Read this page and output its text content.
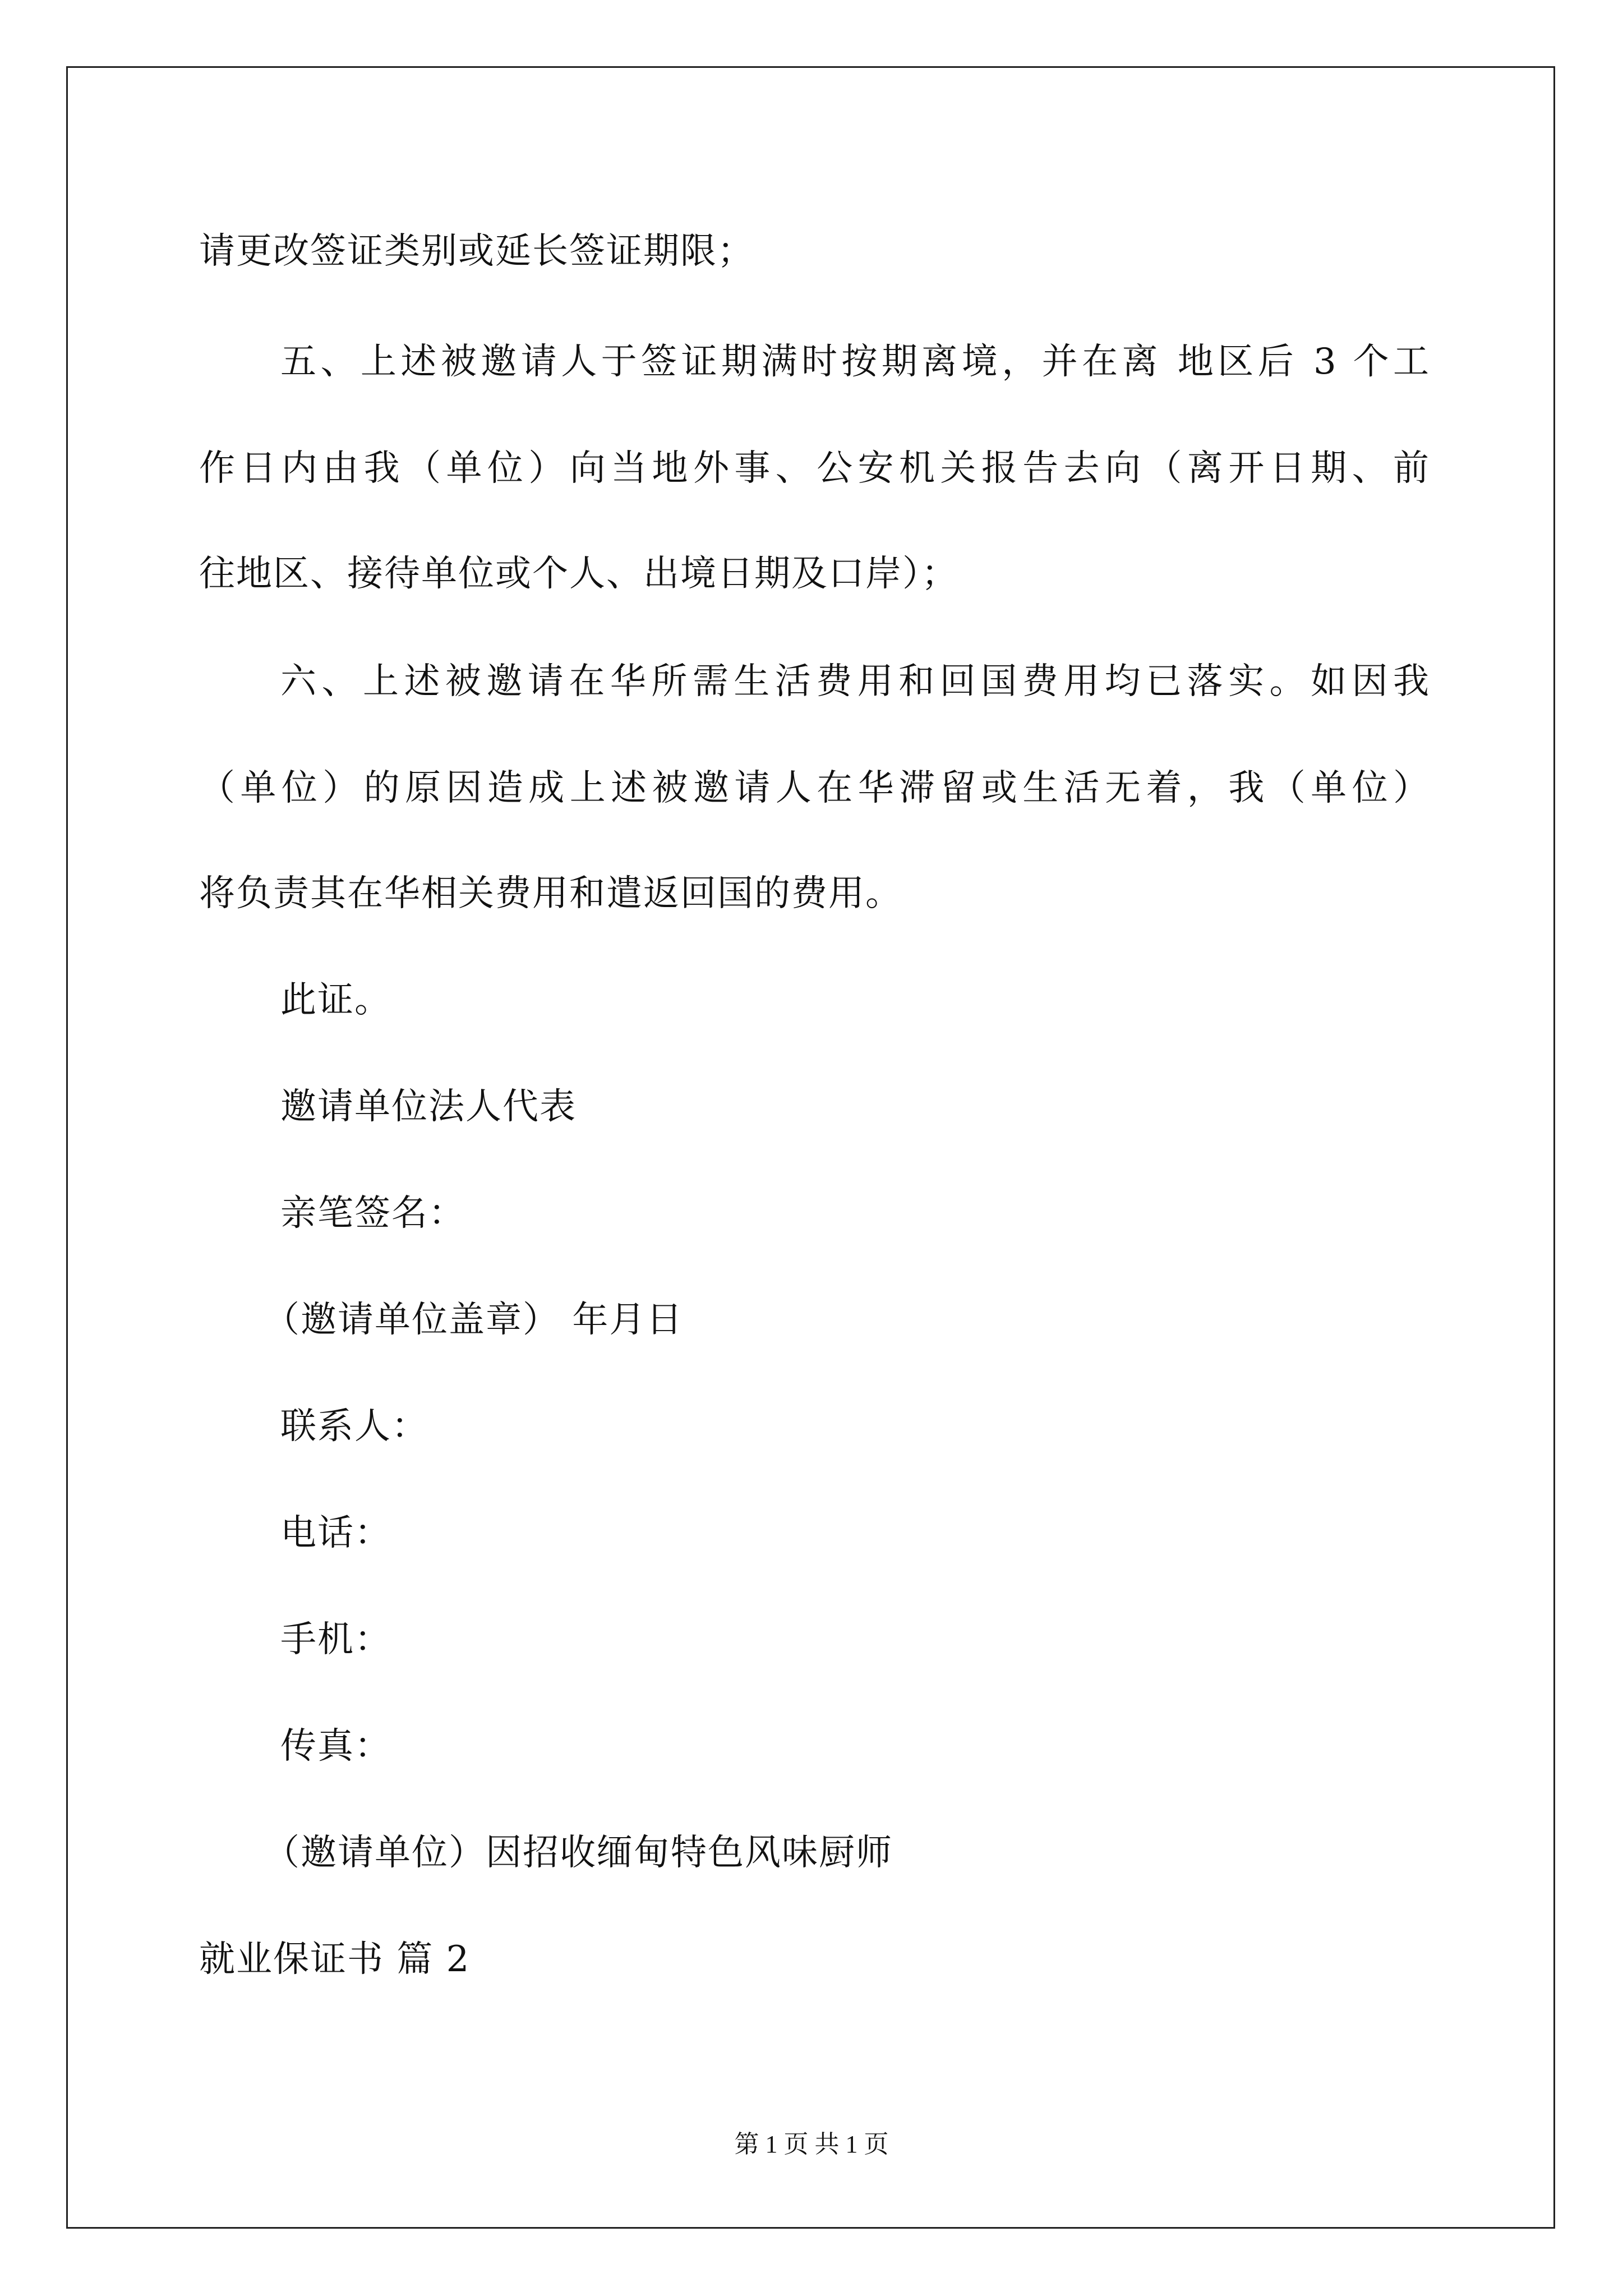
请更改签证类别或延长签证期限；
五、上述被邀请人于签证期满时按期离境，并在离 地区后 3 个工
作日内由我（单位）向当地外事、公安机关报告去向（离开日期、前
往地区、接待单位或个人、出境日期及口岸）；
六、上述被邀请在华所需生活费用和回国费用均已落实。如因我
（单位）的原因造成上述被邀请人在华滞留或生活无着，我（单位）
将负责其在华相关费用和遣返回国的费用。
此证。
邀请单位法人代表
亲笔签名：
（邀请单位盖章） 年月日
联系人：
电话：
手机：
传真：
（邀请单位）因招收缅甸特色风味厨师
就业保证书 篇 2
第 1 页 共 1 页
